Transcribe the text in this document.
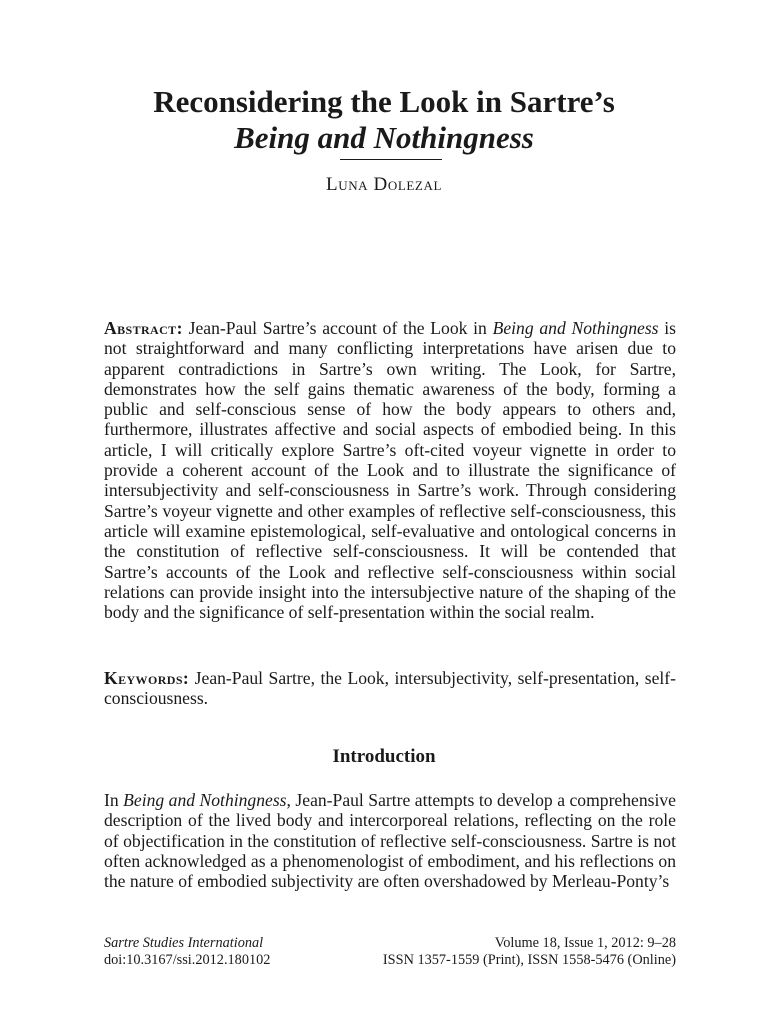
Reconsidering the Look in Sartre’s
Being and Nothingness
Luna Dolezal
Abstract: Jean-Paul Sartre’s account of the Look in Being and Nothingness is not straightforward and many conflicting interpretations have arisen due to apparent contradictions in Sartre’s own writing. The Look, for Sartre, demonstrates how the self gains thematic awareness of the body, forming a public and self-conscious sense of how the body appears to others and, furthermore, illustrates affective and social aspects of embodied being. In this article, I will critically explore Sartre’s oft-cited voyeur vignette in order to provide a coherent account of the Look and to illustrate the significance of intersubjectivity and self-consciousness in Sartre’s work. Through considering Sartre’s voyeur vignette and other examples of reflective self-consciousness, this article will examine epistemological, self-evaluative and ontological concerns in the constitution of reflective self-consciousness. It will be contended that Sartre’s accounts of the Look and reflective self-consciousness within social relations can provide insight into the intersubjective nature of the shaping of the body and the significance of self-presentation within the social realm.
Keywords: Jean-Paul Sartre, the Look, intersubjectivity, self-presentation, self-consciousness.
Introduction
In Being and Nothingness, Jean-Paul Sartre attempts to develop a comprehensive description of the lived body and intercorporeal relations, reflecting on the role of objectification in the constitution of reflective self-consciousness. Sartre is not often acknowledged as a phenomenologist of embodiment, and his reflections on the nature of embodied subjectivity are often overshadowed by Merleau-Ponty’s
Sartre Studies International	Volume 18, Issue 1, 2012: 9–28
doi:10.3167/ssi.2012.180102	ISSN 1357-1559 (Print), ISSN 1558-5476 (Online)
